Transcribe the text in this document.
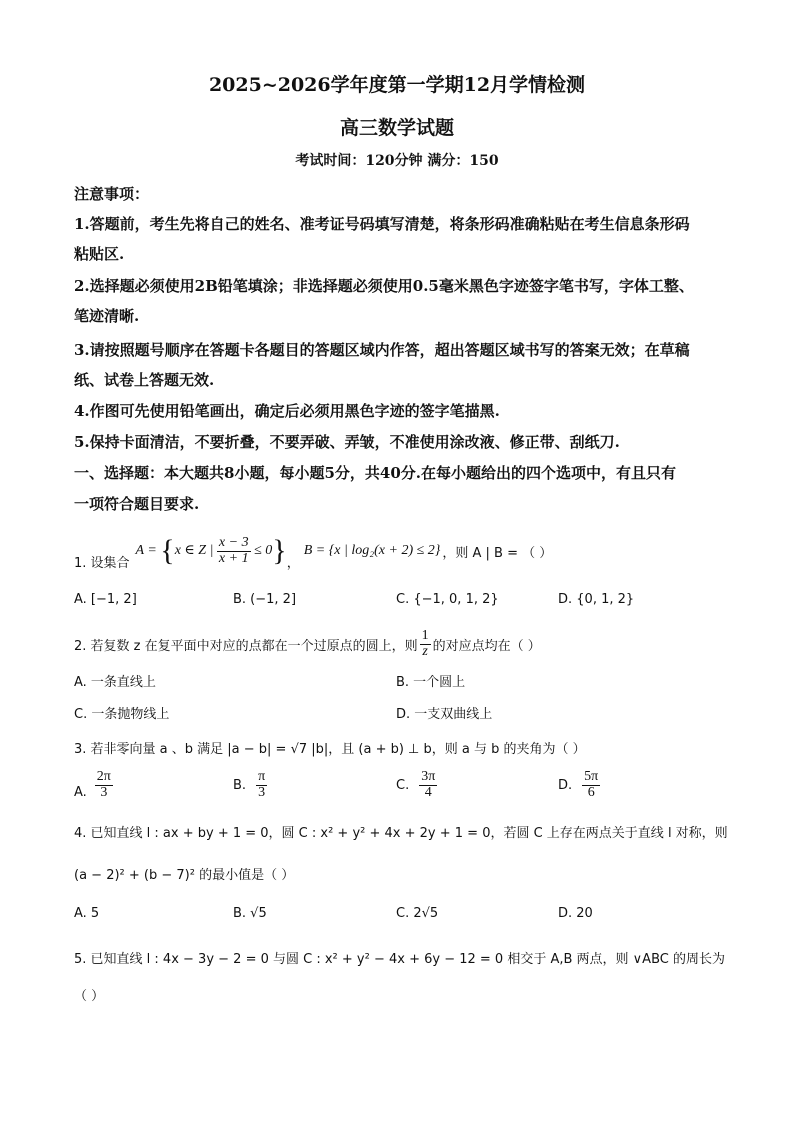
2025~2026学年度第一学期12月学情检测
高三数学试题
考试时间：120分钟 满分：150
注意事项：
1.答题前，考生先将自己的姓名、准考证号码填写清楚，将条形码准确粘贴在考生信息条形码
粘贴区.
2.选择题必须使用2B铅笔填涂；非选择题必须使用0.5毫米黑色字迹签字笔书写，字体工整、
笔迹清晰.
3.请按照题号顺序在答题卡各题目的答题区域内作答，超出答题区域书写的答案无效；在草稿
纸、试卷上答题无效.
4.作图可先使用铅笔画出，确定后必须用黑色字迹的签字笔描黑.
5.保持卡面清洁，不要折叠，不要弄破、弄皱，不准使用涂改液、修正带、刮纸刀.
一、选择题：本大题共8小题，每小题5分，共40分.在每小题给出的四个选项中，有且只有
一项符合题目要求.
1. 设集合
A = {x ∈ Z | $\frac{x - 3}{x + 1} \le 0$} ，
B = {x | log₂(x + 2) ≤ 2} ，则 A | B = （ ）
A. [−1, 2]	B. (−1, 2]	C. {−1, 0, 1, 2}	D. {0, 1, 2}
2. 若复数 z 在复平面中对应的点都在一个过原点的圆上，则 $\frac{1}{z}$ 的对应点均在（ ）
A. 一条直线上	B. 一个圆上
C. 一条抛物线上	D. 一支双曲线上
3. 若非零向量 a 、b 满足 |a − b| = √7 |b|，且 (a + b) ⊥ b，则 a 与 b 的夹角为（ ）
A. $\frac{2\pi}{3}$	B. $\frac{\pi}{3}$	C. $\frac{3\pi}{4}$	D. $\frac{5\pi}{6}$
4. 已知直线 l : ax + by + 1 = 0，圆 C : x² + y² + 4x + 2y + 1 = 0，若圆 C 上存在两点关于直线 l 对称，则
(a − 2)² + (b − 7)² 的最小值是（ ）
A. 5	B. √5	C. 2√5	D. 20
5. 已知直线 l : 4x − 3y − 2 = 0 与圆 C : x² + y² − 4x + 6y − 12 = 0 相交于 A,B 两点，则 ∨ABC 的周长为
（ ）
